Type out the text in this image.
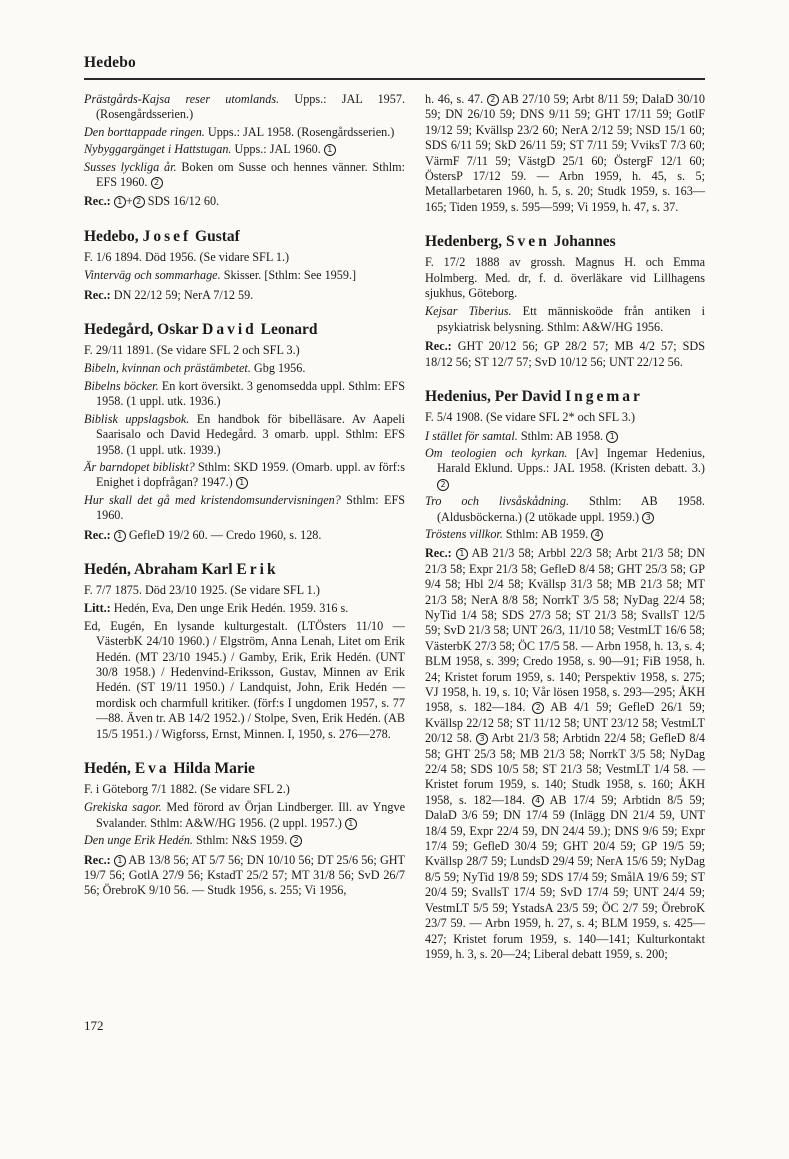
Hedebo

Prästgårds-Kajsa reser utomlands. Upps.: JAL 1957. (Rosengårdsserien.)

Den borttappade ringen. Upps.: JAL 1958. (Rosengårdsserien.)

Nybyggargänget i Hattstugan. Upps.: JAL 1960. 1

Susses lyckliga år. Boken om Susse och hennes vänner. Sthlm: EFS 1960. 2

Rec.: 1 + 2 SDS 16/12 60.

Hedebo, Josef Gustaf

F. 1/6 1894. Död 1956. (Se vidare SFL 1.)

Vinterväg och sommarhage. Skisser. [Sthlm: See 1959.]

Rec.: DN 22/12 59; NerA 7/12 59.

Hedegård, Oskar David Leonard

F. 29/11 1891. (Se vidare SFL 2 och SFL 3.)

Bibeln, kvinnan och prästämbetet. Gbg 1956.

Bibelns böcker. En kort översikt. 3 genomsedda uppl. Sthlm: EFS 1958. (1 uppl. utk. 1936.)

Biblisk uppslagsbok. En handbok för bibelläsare. Av Aapeli Saarisalo och David Hedegård. 3 omarb. uppl. Sthlm: EFS 1958. (1 uppl. utk. 1939.)

Är barndopet bibliskt? Sthlm: SKD 1959. (Omarb. uppl. av förf:s Enighet i dopfrågan? 1947.) 1

Hur skall det gå med kristendomsundervisningen? Sthlm: EFS 1960.

Rec.: 1 GefleD 19/2 60. — Credo 1960, s. 128.

Hedén, Abraham Karl Erik

F. 7/7 1875. Död 23/10 1925. (Se vidare SFL 1.)

Litt.: Hedén, Eva, Den unge Erik Hedén. 1959. 316 s.

Ed, Eugén, En lysande kulturgestalt. (LTÖsters 11/10 — VästerbK 24/10 1960.) / Elgström, Anna Lenah, Litet om Erik Hedén. (MT 23/10 1945.) / Gamby, Erik, Erik Hedén. (UNT 30/8 1958.) / Hedenvind-Eriksson, Gustav, Minnen av Erik Hedén. (ST 19/11 1950.) / Landquist, John, Erik Hedén — mordisk och charmfull kritiker. (förf:s I ungdomen 1957, s. 77—88. Även tr. AB 14/2 1952.) / Stolpe, Sven, Erik Hedén. (AB 15/5 1951.) / Wigforss, Ernst, Minnen. I, 1950, s. 276—278.

Hedén, Eva Hilda Marie

F. i Göteborg 7/1 1882. (Se vidare SFL 2.)

Grekiska sagor. Med förord av Örjan Lindberger. Ill. av Yngve Svalander. Sthlm: A&W/HG 1956. (2 uppl. 1957.) 1

Den unge Erik Hedén. Sthlm: N&S 1959. 2

Rec.: 1 AB 13/8 56; AT 5/7 56; DN 10/10 56; DT 25/6 56; GHT 19/7 56; GotlA 27/9 56; KstadT 25/2 57; MT 31/8 56; SvD 26/7 56; ÖrebroK 9/10 56. — Studk 1956, s. 255; Vi 1956,

h. 46, s. 47. 2 AB 27/10 59; Arbt 8/11 59; DalaD 30/10 59; DN 26/10 59; DNS 9/11 59; GHT 17/11 59; GotlF 19/12 59; Kvällsp 23/2 60; NerA 2/12 59; NSD 15/1 60; SDS 6/11 59; SkD 26/11 59; ST 7/11 59; VviksT 7/3 60; VärmF 7/11 59; VästgD 25/1 60; ÖstergF 12/1 60; ÖstersP 17/12 59. — Arbn 1959, h. 45, s. 5; Metallarbetaren 1960, h. 5, s. 20; Studk 1959, s. 163—165; Tiden 1959, s. 595—599; Vi 1959, h. 47, s. 37.

Hedenberg, Sven Johannes

F. 17/2 1888 av grossh. Magnus H. och Emma Holmberg. Med. dr, f. d. överläkare vid Lillhagens sjukhus, Göteborg.

Kejsar Tiberius. Ett människoöde från antiken i psykiatrisk belysning. Sthlm: A&W/HG 1956.

Rec.: GHT 20/12 56; GP 28/2 57; MB 4/2 57; SDS 18/12 56; ST 12/7 57; SvD 10/12 56; UNT 22/12 56.

Hedenius, Per David Ingemar

F. 5/4 1908. (Se vidare SFL 2* och SFL 3.)

I stället för samtal. Sthlm: AB 1958. 1

Om teologien och kyrkan. [Av] Ingemar Hedenius, Harald Eklund. Upps.: JAL 1958. (Kristen debatt. 3.) 2

Tro och livsåskådning. Sthlm: AB 1958. (Aldusböckerna.) (2 utökade uppl. 1959.) 3

Tröstens villkor. Sthlm: AB 1959. 4

Rec.: 1 AB 21/3 58; Arbbl 22/3 58; Arbt 21/3 58; DN 21/3 58; Expr 21/3 58; GefleD 8/4 58; GHT 25/3 58; GP 9/4 58; Hbl 2/4 58; Kvällsp 31/3 58; MB 21/3 58; MT 21/3 58; NerA 8/8 58; NorrkT 3/5 58; NyDag 22/4 58; NyTid 1/4 58; SDS 27/3 58; ST 21/3 58; SvallsT 12/5 59; SvD 21/3 58; UNT 26/3, 11/10 58; VestmLT 16/6 58; VästerbK 27/3 58; ÖC 17/5 58. — Arbn 1958, h. 13, s. 4; BLM 1958, s. 399; Credo 1958, s. 90—91; FiB 1958, h. 24; Kristet forum 1959, s. 140; Perspektiv 1958, s. 275; VJ 1958, h. 19, s. 10; Vår lösen 1958, s. 293—295; ÅKH 1958, s. 182—184. 2 AB 4/1 59; GefleD 26/1 59; Kvällsp 22/12 58; ST 11/12 58; UNT 23/12 58; VestmLT 20/12 58. 3 Arbt 21/3 58; Arbtidn 22/4 58; GefleD 8/4 58; GHT 25/3 58; MB 21/3 58; NorrkT 3/5 58; NyDag 22/4 58; SDS 10/5 58; ST 21/3 58; VestmLT 1/4 58. — Kristet forum 1959, s. 140; Studk 1958, s. 160; ÅKH 1958, s. 182—184. 4 AB 17/4 59; Arbtidn 8/5 59; DalaD 3/6 59; DN 17/4 59 (Inlägg DN 21/4 59, UNT 18/4 59, Expr 22/4 59, DN 24/4 59.); DNS 9/6 59; Expr 17/4 59; GefleD 30/4 59; GHT 20/4 59; GP 19/5 59; Kvällsp 28/7 59; LundsD 29/4 59; NerA 15/6 59; NyDag 8/5 59; NyTid 19/8 59; SDS 17/4 59; SmålA 19/6 59; ST 20/4 59; SvallsT 17/4 59; SvD 17/4 59; UNT 24/4 59; VestmLT 5/5 59; YstadsA 23/5 59; ÖC 2/7 59; ÖrebroK 23/7 59. — Arbn 1959, h. 27, s. 4; BLM 1959, s. 425—427; Kristet forum 1959, s. 140—141; Kulturkontakt 1959, h. 3, s. 20—24; Liberal debatt 1959, s. 200;

172
